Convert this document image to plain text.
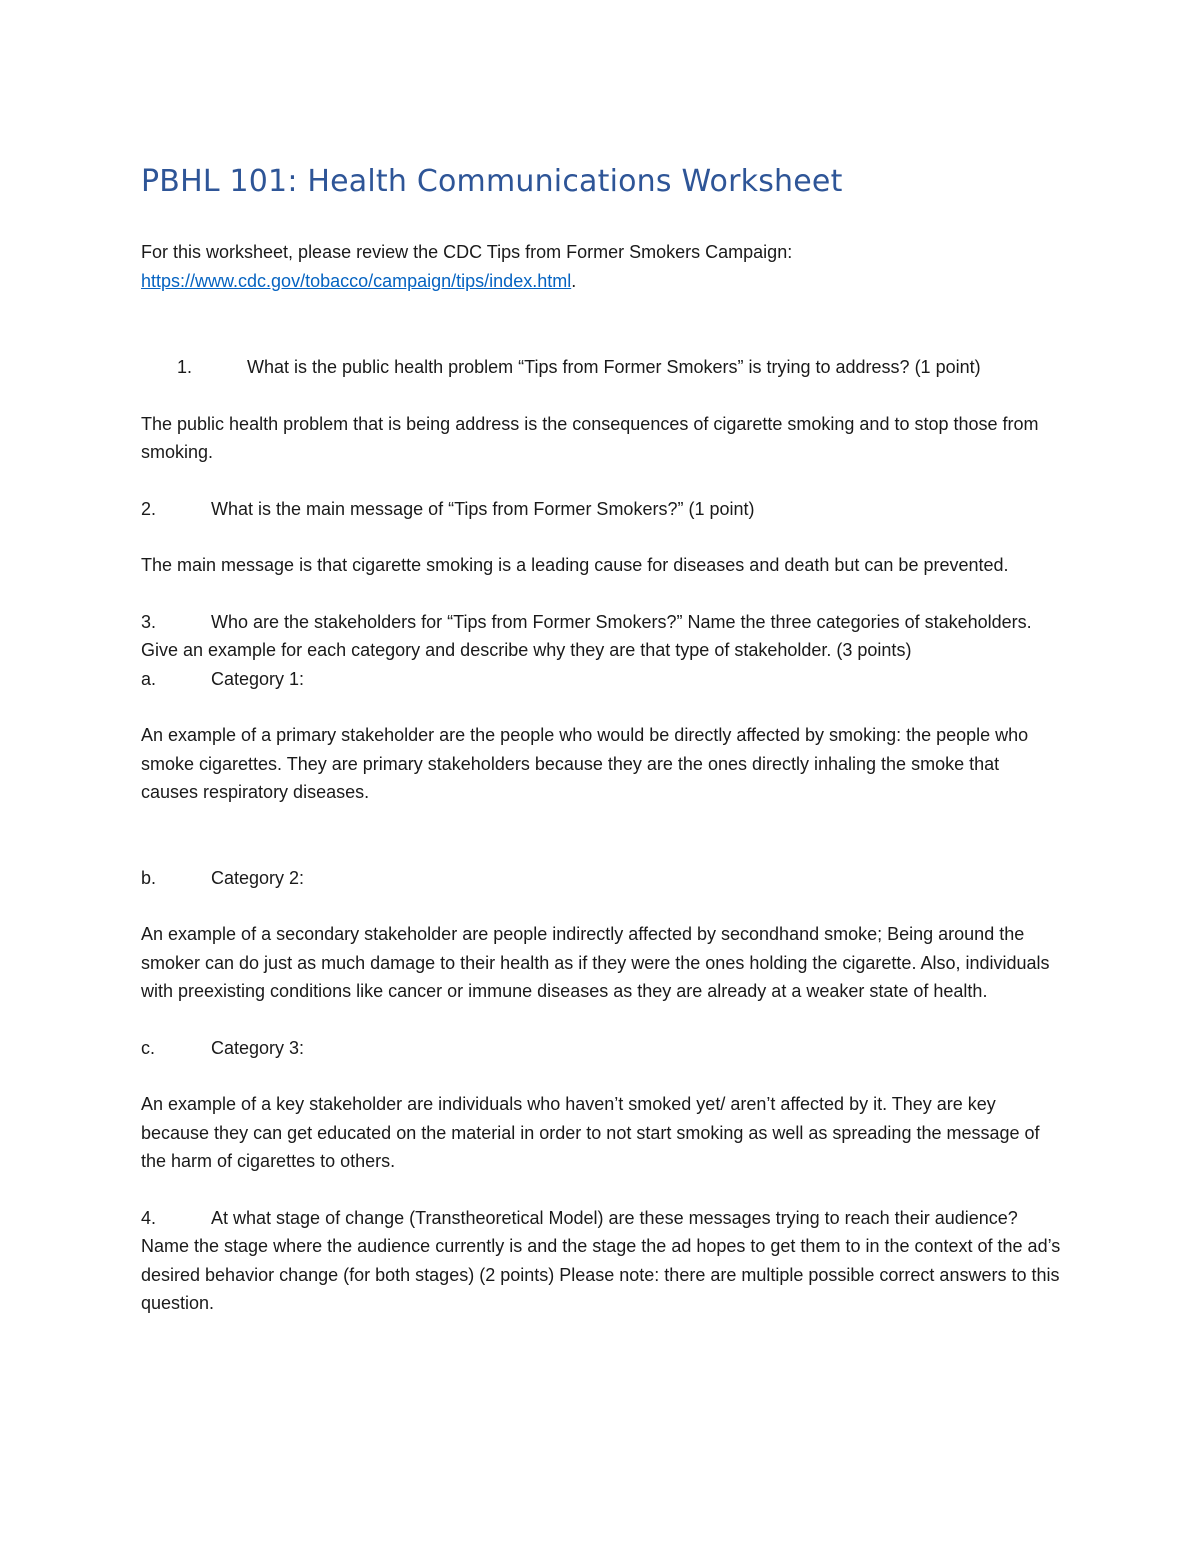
PBHL 101: Health Communications Worksheet

For this worksheet, please review the CDC Tips from Former Smokers Campaign:
https://www.cdc.gov/tobacco/campaign/tips/index.html.

1.	What is the public health problem “Tips from Former Smokers” is trying to address? (1 point)

The public health problem that is being address is the consequences of cigarette smoking and to stop those from smoking.

2.	What is the main message of “Tips from Former Smokers?” (1 point)

The main message is that cigarette smoking is a leading cause for diseases and death but can be prevented.

3.	Who are the stakeholders for “Tips from Former Smokers?” Name the three categories of stakeholders. Give an example for each category and describe why they are that type of stakeholder. (3 points)

a.	Category 1:

An example of a primary stakeholder are the people who would be directly affected by smoking: the people who smoke cigarettes. They are primary stakeholders because they are the ones directly inhaling the smoke that causes respiratory diseases.

b.	Category 2:

An example of a secondary stakeholder are people indirectly affected by secondhand smoke; Being around the smoker can do just as much damage to their health as if they were the ones holding the cigarette. Also, individuals with preexisting conditions like cancer or immune diseases as they are already at a weaker state of health.

c.	Category 3:

An example of a key stakeholder are individuals who haven’t smoked yet/ aren’t affected by it. They are key because they can get educated on the material in order to not start smoking as well as spreading the message of the harm of cigarettes to others.

4.	At what stage of change (Transtheoretical Model) are these messages trying to reach their audience? Name the stage where the audience currently is and the stage the ad hopes to get them to in the context of the ad’s desired behavior change (for both stages) (2 points) Please note: there are multiple possible correct answers to this question.
